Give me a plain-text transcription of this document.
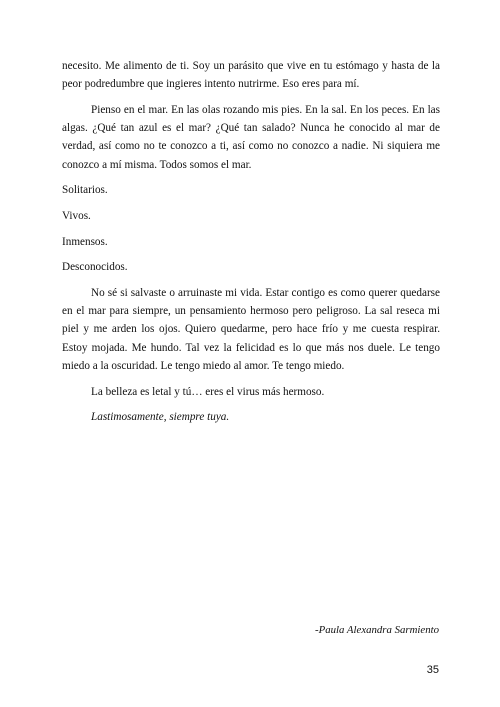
necesito. Me alimento de ti. Soy un parásito que vive en tu estómago y hasta de la peor podredumbre que ingieres intento nutrirme. Eso eres para mí.

Pienso en el mar. En las olas rozando mis pies. En la sal. En los peces. En las algas. ¿Qué tan azul es el mar? ¿Qué tan salado? Nunca he conocido al mar de verdad, así como no te conozco a ti, así como no conozco a nadie. Ni siquiera me conozco a mí misma. Todos somos el mar.

Solitarios.

Vivos.

Inmensos.

Desconocidos.

No sé si salvaste o arruinaste mi vida. Estar contigo es como querer quedarse en el mar para siempre, un pensamiento hermoso pero peligroso. La sal reseca mi piel y me arden los ojos. Quiero quedarme, pero hace frío y me cuesta respirar. Estoy mojada. Me hundo. Tal vez la felicidad es lo que más nos duele. Le tengo miedo a la oscuridad. Le tengo miedo al amor. Te tengo miedo.

La belleza es letal y tú… eres el virus más hermoso.

Lastimosamente, siempre tuya.

-Paula Alexandra Sarmiento

35
